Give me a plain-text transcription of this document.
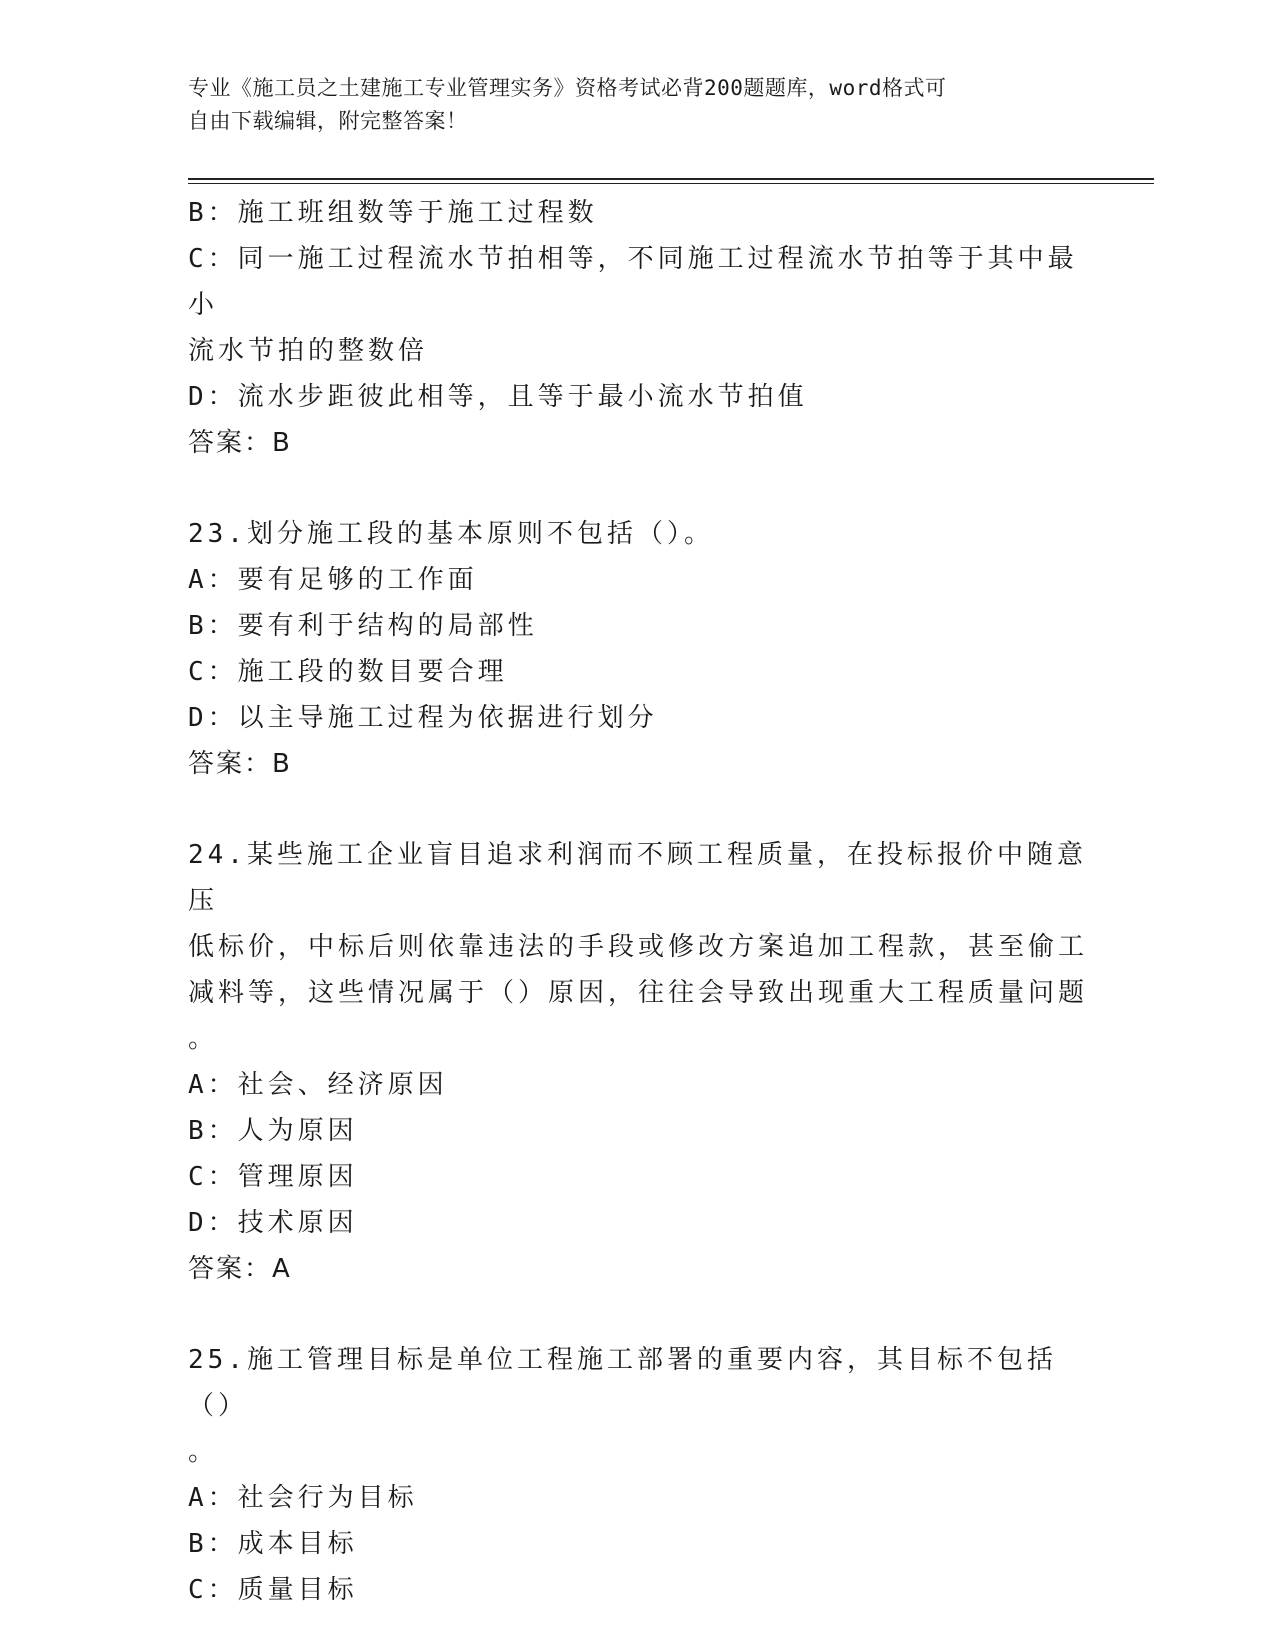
专业《施工员之土建施工专业管理实务》资格考试必背200题题库，word格式可
自由下载编辑，附完整答案！

B：施工班组数等于施工过程数

C：同一施工过程流水节拍相等，不同施工过程流水节拍等于其中最小

流水节拍的整数倍

D：流水步距彼此相等，且等于最小流水节拍值

答案：B

23.划分施工段的基本原则不包括（）。

A：要有足够的工作面

B：要有利于结构的局部性

C：施工段的数目要合理

D：以主导施工过程为依据进行划分

答案：B

24.某些施工企业盲目追求利润而不顾工程质量，在投标报价中随意压

低标价，中标后则依靠违法的手段或修改方案追加工程款，甚至偷工

减料等，这些情况属于（）原因，往往会导致出现重大工程质量问题

。

A：社会、经济原因

B：人为原因

C：管理原因

D：技术原因

答案：A

25.施工管理目标是单位工程施工部署的重要内容，其目标不包括（）

。

A：社会行为目标

B：成本目标

C：质量目标
